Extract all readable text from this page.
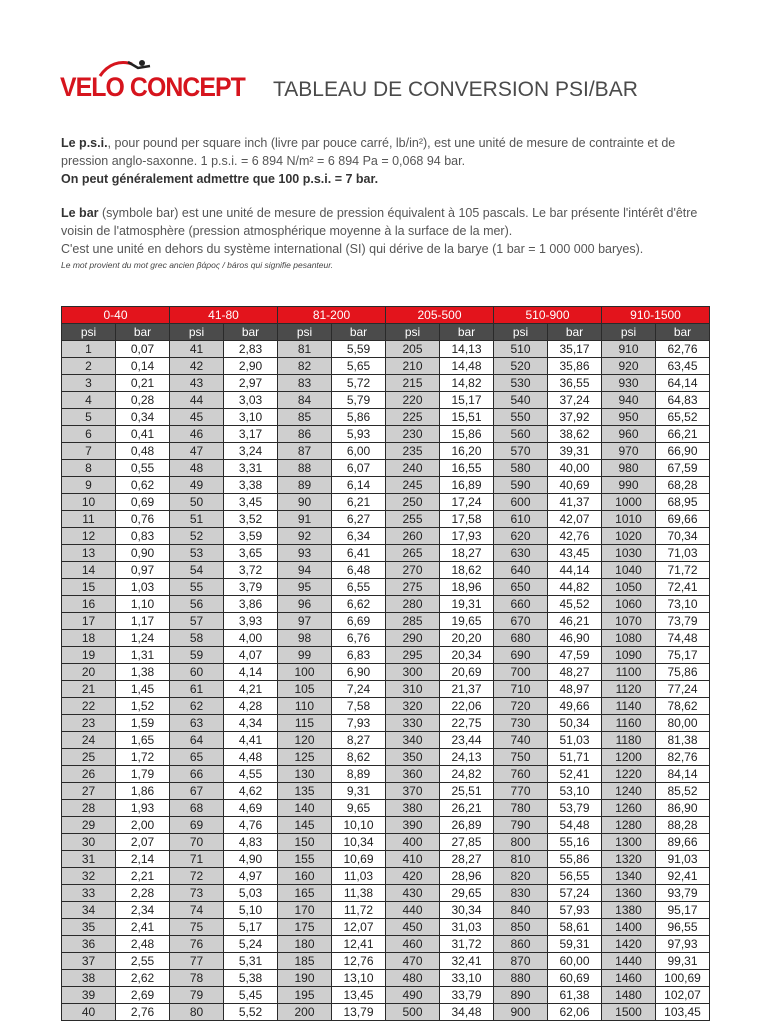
VELO CONCEPT TABLEAU DE CONVERSION PSI/BAR

Le p.s.i., pour pound per square inch (livre par pouce carré, lb/in²), est une unité de mesure de contrainte et de pression anglo-saxonne. 1 p.s.i. = 6 894 N/m² = 6 894 Pa = 0,068 94 bar.

On peut généralement admettre que 100 p.s.i. = 7 bar.

Le bar (symbole bar) est une unité de mesure de pression équivalent à 105 pascals. Le bar présente l'intérêt d'être voisin de l'atmosphère (pression atmosphérique moyenne à la surface de la mer).

C'est une unité en dehors du système international (SI) qui dérive de la barye (1 bar = 1 000 000 baryes).

Le mot provient du mot grec ancien βάρος / báros qui signifie pesanteur.

0-40		41-80		81-200		205-500		510-900		910-1500	
psi	bar	psi	bar	psi	bar	psi	bar	psi	bar	psi	bar
1	0,07	41	2,83	81	5,59	205	14,13	510	35,17	910	62,76
2	0,14	42	2,90	82	5,65	210	14,48	520	35,86	920	63,45
3	0,21	43	2,97	83	5,72	215	14,82	530	36,55	930	64,14
4	0,28	44	3,03	84	5,79	220	15,17	540	37,24	940	64,83
5	0,34	45	3,10	85	5,86	225	15,51	550	37,92	950	65,52
6	0,41	46	3,17	86	5,93	230	15,86	560	38,62	960	66,21
7	0,48	47	3,24	87	6,00	235	16,20	570	39,31	970	66,90
8	0,55	48	3,31	88	6,07	240	16,55	580	40,00	980	67,59
9	0,62	49	3,38	89	6,14	245	16,89	590	40,69	990	68,28
10	0,69	50	3,45	90	6,21	250	17,24	600	41,37	1000	68,95
11	0,76	51	3,52	91	6,27	255	17,58	610	42,07	1010	69,66
12	0,83	52	3,59	92	6,34	260	17,93	620	42,76	1020	70,34
13	0,90	53	3,65	93	6,41	265	18,27	630	43,45	1030	71,03
14	0,97	54	3,72	94	6,48	270	18,62	640	44,14	1040	71,72
15	1,03	55	3,79	95	6,55	275	18,96	650	44,82	1050	72,41
16	1,10	56	3,86	96	6,62	280	19,31	660	45,52	1060	73,10
17	1,17	57	3,93	97	6,69	285	19,65	670	46,21	1070	73,79
18	1,24	58	4,00	98	6,76	290	20,20	680	46,90	1080	74,48
19	1,31	59	4,07	99	6,83	295	20,34	690	47,59	1090	75,17
20	1,38	60	4,14	100	6,90	300	20,69	700	48,27	1100	75,86
21	1,45	61	4,21	105	7,24	310	21,37	710	48,97	1120	77,24
22	1,52	62	4,28	110	7,58	320	22,06	720	49,66	1140	78,62
23	1,59	63	4,34	115	7,93	330	22,75	730	50,34	1160	80,00
24	1,65	64	4,41	120	8,27	340	23,44	740	51,03	1180	81,38
25	1,72	65	4,48	125	8,62	350	24,13	750	51,71	1200	82,76
26	1,79	66	4,55	130	8,89	360	24,82	760	52,41	1220	84,14
27	1,86	67	4,62	135	9,31	370	25,51	770	53,10	1240	85,52
28	1,93	68	4,69	140	9,65	380	26,21	780	53,79	1260	86,90
29	2,00	69	4,76	145	10,10	390	26,89	790	54,48	1280	88,28
30	2,07	70	4,83	150	10,34	400	27,85	800	55,16	1300	89,66
31	2,14	71	4,90	155	10,69	410	28,27	810	55,86	1320	91,03
32	2,21	72	4,97	160	11,03	420	28,96	820	56,55	1340	92,41
33	2,28	73	5,03	165	11,38	430	29,65	830	57,24	1360	93,79
34	2,34	74	5,10	170	11,72	440	30,34	840	57,93	1380	95,17
35	2,41	75	5,17	175	12,07	450	31,03	850	58,61	1400	96,55
36	2,48	76	5,24	180	12,41	460	31,72	860	59,31	1420	97,93
37	2,55	77	5,31	185	12,76	470	32,41	870	60,00	1440	99,31
38	2,62	78	5,38	190	13,10	480	33,10	880	60,69	1460	100,69
39	2,69	79	5,45	195	13,45	490	33,79	890	61,38	1480	102,07
40	2,76	80	5,52	200	13,79	500	34,48	900	62,06	1500	103,45
